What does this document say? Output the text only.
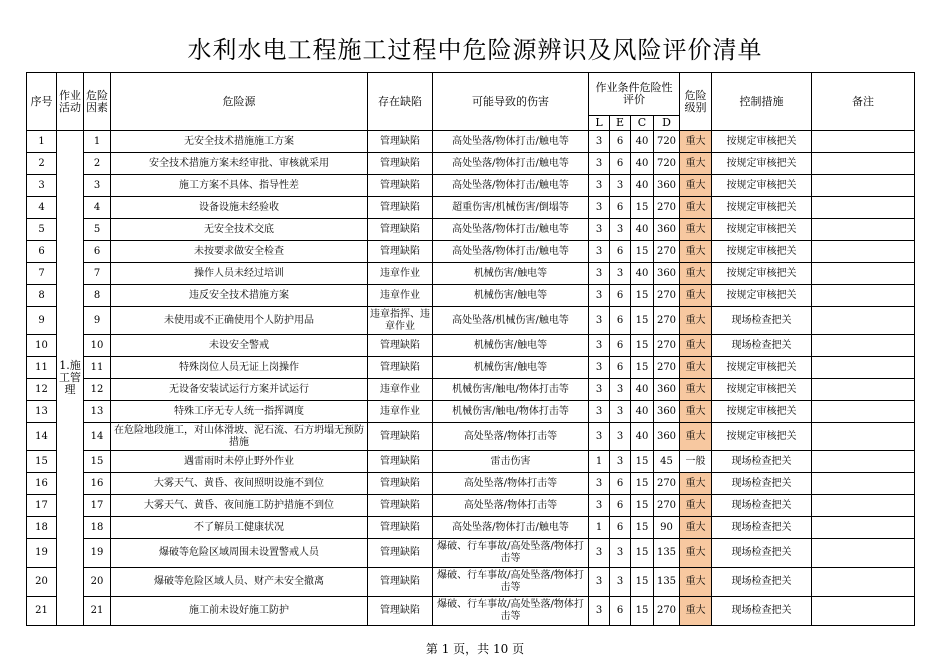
水利水电工程施工过程中危险源辨识及风险评价清单
序号	作业活动	危险因素	危险源	存在缺陷	可能导致的伤害	作业条件危险性评价				危险级别	控制措施	备注
						L	E	C	D			
1	1.施工管理	1	无安全技术措施施工方案	管理缺陷	高处坠落/物体打击/触电等	3	6	40	720	重大	按规定审核把关	
2		2	安全技术措施方案未经审批、审核就采用	管理缺陷	高处坠落/物体打击/触电等	3	6	40	720	重大	按规定审核把关	
3		3	施工方案不具体、指导性差	管理缺陷	高处坠落/物体打击/触电等	3	3	40	360	重大	按规定审核把关	
4		4	设备设施未经验收	管理缺陷	超重伤害/机械伤害/倒塌等	3	6	15	270	重大	按规定审核把关	
5		5	无安全技术交底	管理缺陷	高处坠落/物体打击/触电等	3	3	40	360	重大	按规定审核把关	
6		6	未按要求做安全检查	管理缺陷	高处坠落/物体打击/触电等	3	6	15	270	重大	按规定审核把关	
7		7	操作人员未经过培训	违章作业	机械伤害/触电等	3	3	40	360	重大	按规定审核把关	
8		8	违反安全技术措施方案	违章作业	机械伤害/触电等	3	6	15	270	重大	按规定审核把关	
9		9	未使用或不正确使用个人防护用品	违章指挥、违章作业	高处坠落/机械伤害/触电等	3	6	15	270	重大	现场检查把关	
10		10	未设安全警戒	管理缺陷	机械伤害/触电等	3	6	15	270	重大	现场检查把关	
11		11	特殊岗位人员无证上岗操作	管理缺陷	机械伤害/触电等	3	6	15	270	重大	按规定审核把关	
12		12	无设备安装试运行方案并试运行	违章作业	机械伤害/触电/物体打击等	3	3	40	360	重大	按规定审核把关	
13		13	特殊工序无专人统一指挥调度	违章作业	机械伤害/触电/物体打击等	3	3	40	360	重大	按规定审核把关	
14		14	在危险地段施工，对山体滑坡、泥石流、石方坍塌无预防措施	管理缺陷	高处坠落/物体打击等	3	3	40	360	重大	按规定审核把关	
15		15	遇雷雨时未停止野外作业	管理缺陷	雷击伤害	1	3	15	45	一般	现场检查把关	
16		16	大雾天气、黄昏、夜间照明设施不到位	管理缺陷	高处坠落/物体打击等	3	6	15	270	重大	现场检查把关	
17		17	大雾天气、黄昏、夜间施工防护措施不到位	管理缺陷	高处坠落/物体打击等	3	6	15	270	重大	现场检查把关	
18		18	不了解员工健康状况	管理缺陷	高处坠落/物体打击/触电等	1	6	15	90	重大	现场检查把关	
19		19	爆破等危险区域周围未设置警戒人员	管理缺陷	爆破、行车事故/高处坠落/物体打击等	3	3	15	135	重大	现场检查把关	
20		20	爆破等危险区域人员、财产未安全撤离	管理缺陷	爆破、行车事故/高处坠落/物体打击等	3	3	15	135	重大	现场检查把关	
21		21	施工前未设好施工防护	管理缺陷	爆破、行车事故/高处坠落/物体打击等	3	6	15	270	重大	现场检查把关	
第 1 页，共 10 页
